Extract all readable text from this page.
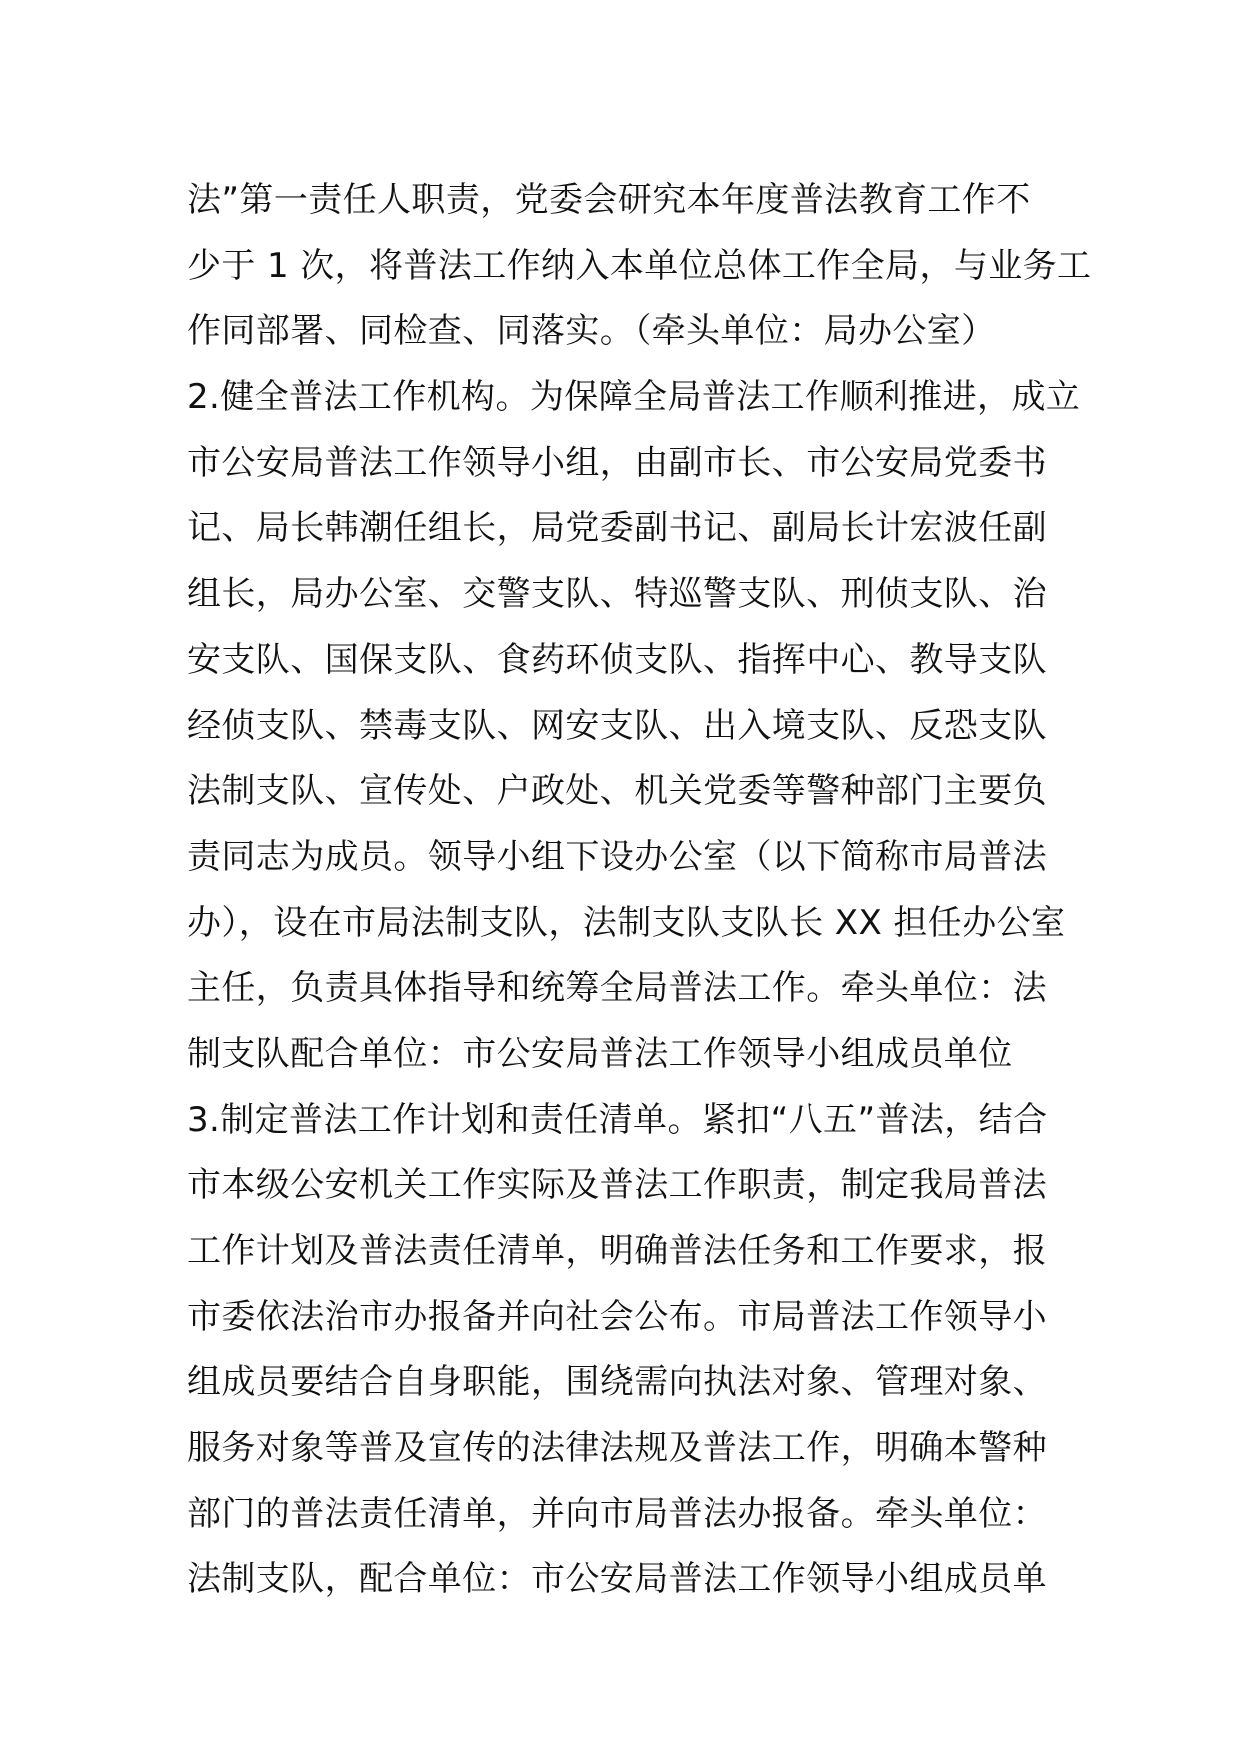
法”第一责任人职责，党委会研究本年度普法教育工作不
少于 1 次，将普法工作纳入本单位总体工作全局，与业务工
作同部署、同检查、同落实。（牵头单位：局办公室）
2.健全普法工作机构。为保障全局普法工作顺利推进，成立
市公安局普法工作领导小组，由副市长、市公安局党委书
记、局长韩潮任组长，局党委副书记、副局长计宏波任副
组长，局办公室、交警支队、特巡警支队、刑侦支队、治
安支队、国保支队、食药环侦支队、指挥中心、教导支队
经侦支队、禁毒支队、网安支队、出入境支队、反恐支队
法制支队、宣传处、户政处、机关党委等警种部门主要负
责同志为成员。领导小组下设办公室（以下简称市局普法
办），设在市局法制支队，法制支队支队长 XX 担任办公室
主任，负责具体指导和统筹全局普法工作。牵头单位：法
制支队配合单位：市公安局普法工作领导小组成员单位
3.制定普法工作计划和责任清单。紧扣“八五”普法，结合
市本级公安机关工作实际及普法工作职责，制定我局普法
工作计划及普法责任清单，明确普法任务和工作要求，报
市委依法治市办报备并向社会公布。市局普法工作领导小
组成员要结合自身职能，围绕需向执法对象、管理对象、
服务对象等普及宣传的法律法规及普法工作，明确本警种
部门的普法责任清单，并向市局普法办报备。牵头单位：
法制支队，配合单位：市公安局普法工作领导小组成员单
